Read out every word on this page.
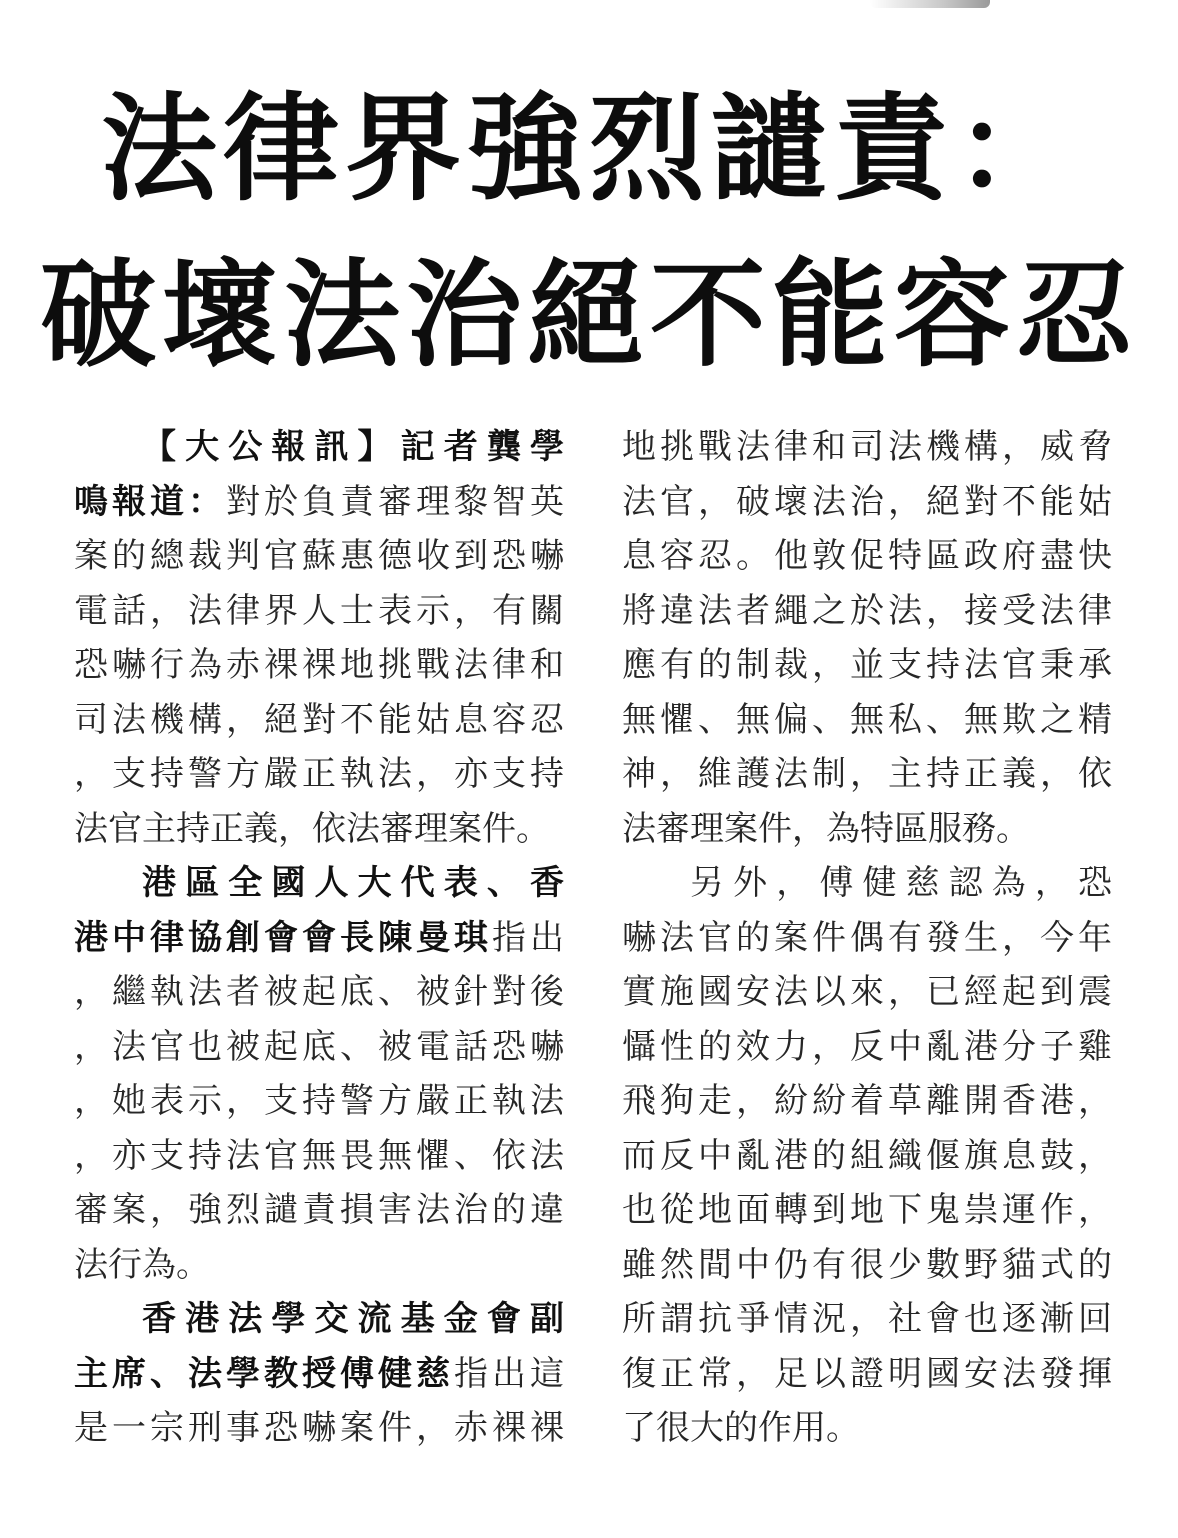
法律界強烈譴責：
破壞法治絕不能容忍
【大公報訊】記者龔學
鳴報道：對於負責審理黎智英
案的總裁判官蘇惠德收到恐嚇
電話，法律界人士表示，有關
恐嚇行為赤裸裸地挑戰法律和
司法機構，絕對不能姑息容忍
，支持警方嚴正執法，亦支持
法官主持正義，依法審理案件。
港區全國人大代表、香
港中律協創會會長陳曼琪指出
，繼執法者被起底、被針對後
，法官也被起底、被電話恐嚇
，她表示，支持警方嚴正執法
，亦支持法官無畏無懼、依法
審案，強烈譴責損害法治的違
法行為。
香港法學交流基金會副
主席、法學教授傅健慈指出這
是一宗刑事恐嚇案件，赤裸裸
地挑戰法律和司法機構，威脅
法官，破壞法治，絕對不能姑
息容忍。他敦促特區政府盡快
將違法者繩之於法，接受法律
應有的制裁，並支持法官秉承
無懼、無偏、無私、無欺之精
神，維護法制，主持正義，依
法審理案件，為特區服務。
另外，傅健慈認為，恐
嚇法官的案件偶有發生，今年
實施國安法以來，已經起到震
懾性的效力，反中亂港分子雞
飛狗走，紛紛着草離開香港，
而反中亂港的組織偃旗息鼓，
也從地面轉到地下鬼祟運作，
雖然間中仍有很少數野貓式的
所謂抗爭情況，社會也逐漸回
復正常，足以證明國安法發揮
了很大的作用。
